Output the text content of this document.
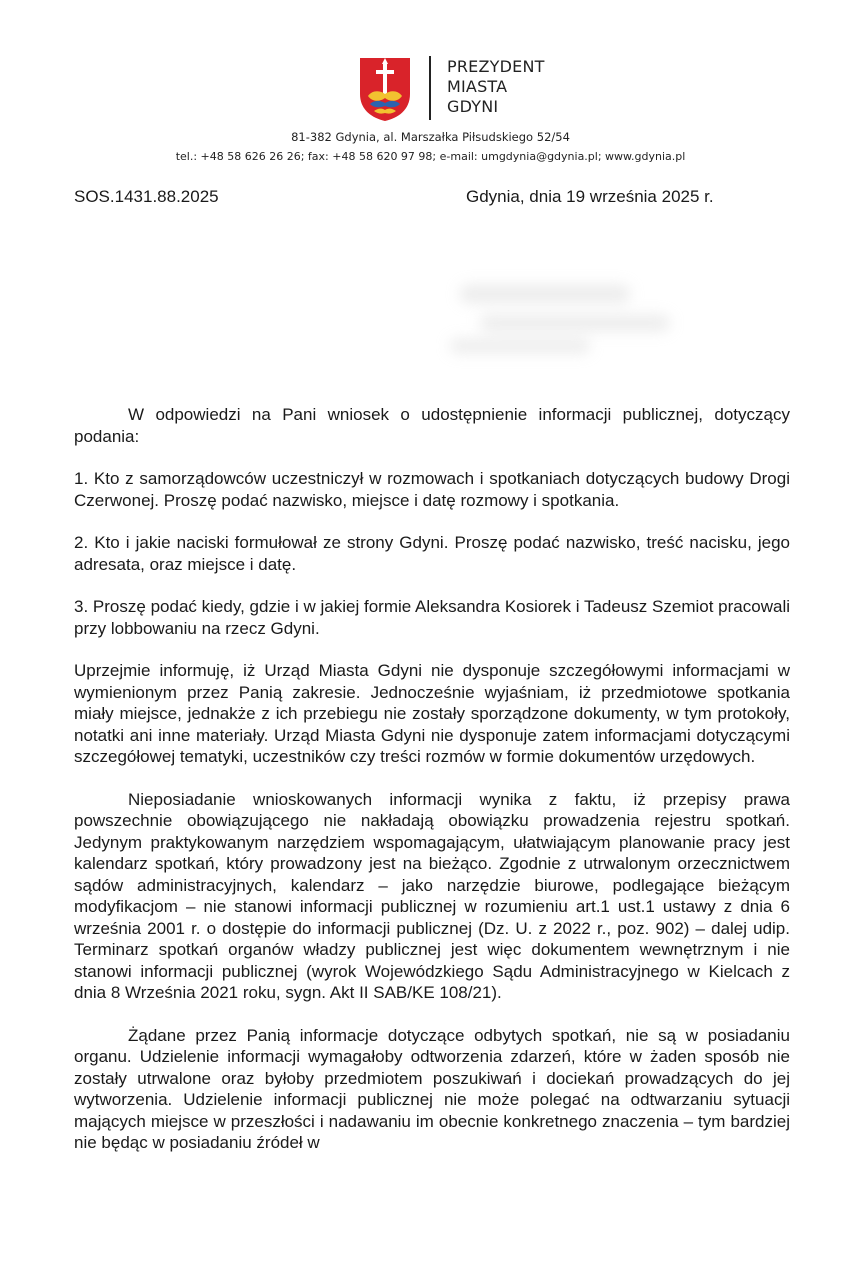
PREZYDENT
MIASTA
GDYNI
81-382 Gdynia, al. Marszałka Piłsudskiego 52/54
tel.: +48 58 626 26 26; fax: +48 58 620 97 98; e-mail: umgdynia@gdynia.pl; www.gdynia.pl
SOS.1431.88.2025	Gdynia, dnia 19 września 2025 r.

W odpowiedzi na Pani wniosek o udostępnienie informacji publicznej, dotyczący podania:

1. Kto z samorządowców uczestniczył w rozmowach i spotkaniach dotyczących budowy Drogi Czerwonej. Proszę podać nazwisko, miejsce i datę rozmowy i spotkania.

2. Kto i jakie naciski formułował ze strony Gdyni. Proszę podać nazwisko, treść nacisku, jego adresata, oraz miejsce i datę.

3. Proszę podać kiedy, gdzie i w jakiej formie Aleksandra Kosiorek i Tadeusz Szemiot pracowali przy lobbowaniu na rzecz Gdyni.

Uprzejmie informuję, iż Urząd Miasta Gdyni nie dysponuje szczegółowymi informacjami w wymienionym przez Panią zakresie. Jednocześnie wyjaśniam, iż przedmiotowe spotkania miały miejsce, jednakże z ich przebiegu nie zostały sporządzone dokumenty, w tym protokoły, notatki ani inne materiały. Urząd Miasta Gdyni nie dysponuje zatem informacjami dotyczącymi szczegółowej tematyki, uczestników czy treści rozmów w formie dokumentów urzędowych.

Nieposiadanie wnioskowanych informacji wynika z faktu, iż przepisy prawa powszechnie obowiązującego nie nakładają obowiązku prowadzenia rejestru spotkań. Jedynym praktykowanym narzędziem wspomagającym, ułatwiającym planowanie pracy jest kalendarz spotkań, który prowadzony jest na bieżąco. Zgodnie z utrwalonym orzecznictwem sądów administracyjnych, kalendarz – jako narzędzie biurowe, podlegające bieżącym modyfikacjom – nie stanowi informacji publicznej w rozumieniu art.1 ust.1 ustawy z dnia 6 września 2001 r. o dostępie do informacji publicznej (Dz. U. z 2022 r., poz. 902) – dalej udip. Terminarz spotkań organów władzy publicznej jest więc dokumentem wewnętrznym i nie stanowi informacji publicznej (wyrok Wojewódzkiego Sądu Administracyjnego w Kielcach z dnia 8 Września 2021 roku, sygn. Akt II SAB/KE 108/21).

Żądane przez Panią informacje dotyczące odbytych spotkań, nie są w posiadaniu organu. Udzielenie informacji wymagałoby odtworzenia zdarzeń, które w żaden sposób nie zostały utrwalone oraz byłoby przedmiotem poszukiwań i dociekań prowadzących do jej wytworzenia. Udzielenie informacji publicznej nie może polegać na odtwarzaniu sytuacji mających miejsce w przeszłości i nadawaniu im obecnie konkretnego znaczenia – tym bardziej nie będąc w posiadaniu źródeł w
